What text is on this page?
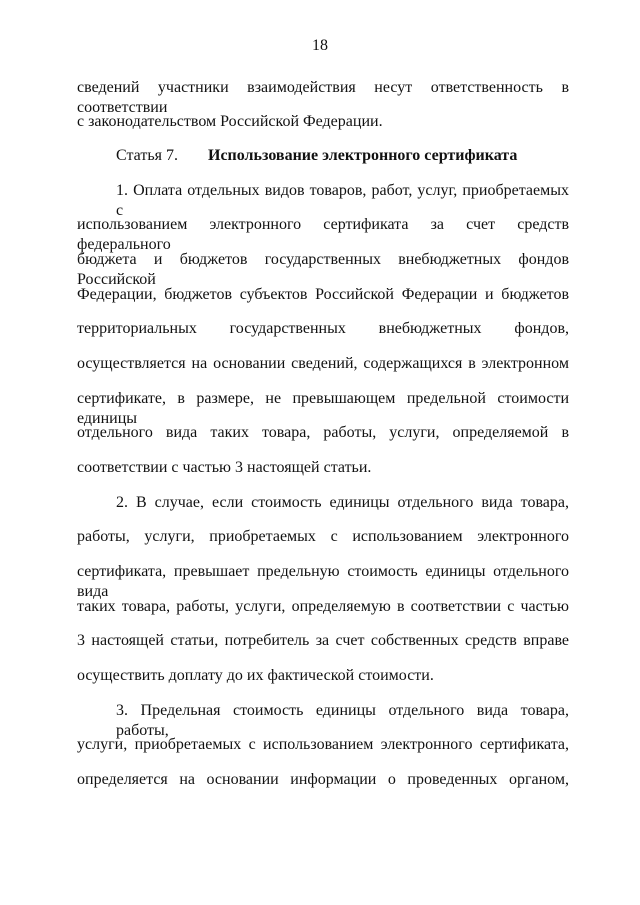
18
сведений участники взаимодействия несут ответственность в соответствии
с законодательством Российской Федерации.
Статья 7. Использование электронного сертификата
1. Оплата отдельных видов товаров, работ, услуг, приобретаемых с
использованием электронного сертификата за счет средств федерального
бюджета и бюджетов государственных внебюджетных фондов Российской
Федерации, бюджетов субъектов Российской Федерации и бюджетов
территориальных государственных внебюджетных фондов,
осуществляется на основании сведений, содержащихся в электронном
сертификате, в размере, не превышающем предельной стоимости единицы
отдельного вида таких товара, работы, услуги, определяемой в
соответствии с частью 3 настоящей статьи.
2. В случае, если стоимость единицы отдельного вида товара,
работы, услуги, приобретаемых с использованием электронного
сертификата, превышает предельную стоимость единицы отдельного вида
таких товара, работы, услуги, определяемую в соответствии с частью
3 настоящей статьи, потребитель за счет собственных средств вправе
осуществить доплату до их фактической стоимости.
3. Предельная стоимость единицы отдельного вида товара, работы,
услуги, приобретаемых с использованием электронного сертификата,
определяется на основании информации о проведенных органом,
